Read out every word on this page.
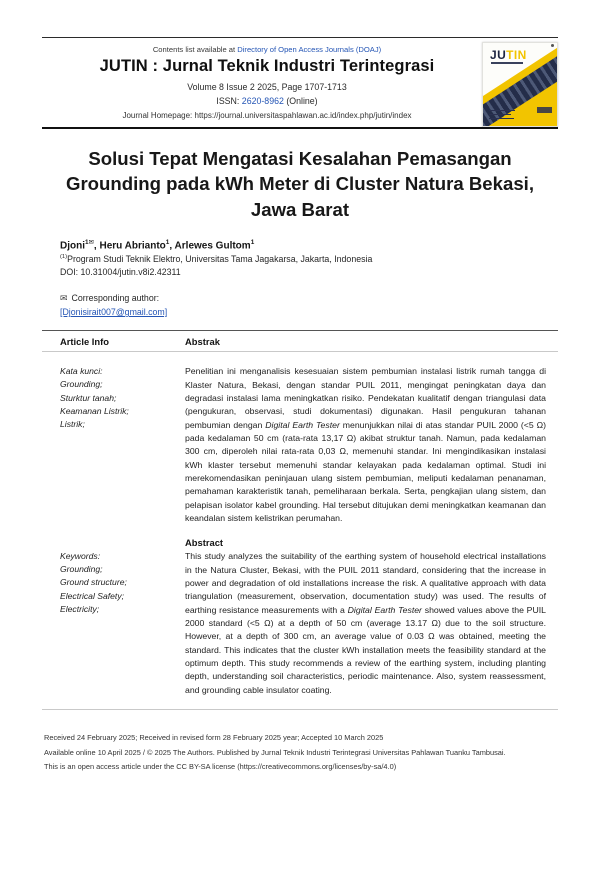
Contents list available at Directory of Open Access Journals (DOAJ)
JUTIN : Jurnal Teknik Industri Terintegrasi
Volume 8 Issue 2 2025, Page 1707-1713
ISSN: 2620-8962 (Online)
Journal Homepage: https://journal.universitaspahlawan.ac.id/index.php/jutin/index
JUTIN
Solusi Tepat Mengatasi Kesalahan Pemasangan Grounding pada kWh Meter di Cluster Natura Bekasi, Jawa Barat
Djoni$^{1✉}$, Heru Abrianto$^1$, Arlewes Gultom$^1$
$^{(1)}$Program Studi Teknik Elektro, Universitas Tama Jagakarsa, Jakarta, Indonesia
DOI: 10.31004/jutin.v8i2.42311
✉ Corresponding author:
[Djonisirait007@gmail.com]
Article Info	Abstrak
Kata kunci:
Grounding;
Sturktur tanah;
Keamanan Listrik;
Listrik;
Keywords:
Grounding;
Ground structure;
Electrical Safety;
Electricity;

Penelitian ini menganalisis kesesuaian sistem pembumian instalasi listrik rumah tangga di Klaster Natura, Bekasi, dengan standar PUIL 2011, mengingat peningkatan daya dan degradasi instalasi lama meningkatkan risiko. Pendekatan kualitatif dengan triangulasi data (pengukuran, observasi, studi dokumentasi) digunakan. Hasil pengukuran tahanan pembumian dengan Digital Earth Tester menunjukkan nilai di atas standar PUIL 2000 (<5 Ω) pada kedalaman 50 cm (rata-rata 13,17 Ω) akibat struktur tanah. Namun, pada kedalaman 300 cm, diperoleh nilai rata-rata 0,03 Ω, memenuhi standar. Ini mengindikasikan instalasi kWh klaster tersebut memenuhi standar kelayakan pada kedalaman optimal. Studi ini merekomendasikan peninjauan ulang sistem pembumian, meliputi kedalaman penanaman, pemahaman karakteristik tanah, pemeliharaan berkala. Serta, pengkajian ulang sistem, dan pelapisan isolator kabel grounding. Hal tersebut ditujukan demi meningkatkan keamanan dan keandalan sistem kelistrikan perumahan.

Abstract

This study analyzes the suitability of the earthing system of household electrical installations in the Natura Cluster, Bekasi, with the PUIL 2011 standard, considering that the increase in power and degradation of old installations increase the risk. A qualitative approach with data triangulation (measurement, observation, documentation study) was used. The results of earthing resistance measurements with a Digital Earth Tester showed values above the PUIL 2000 standard (<5 Ω) at a depth of 50 cm (average 13.17 Ω) due to the soil structure. However, at a depth of 300 cm, an average value of 0.03 Ω was obtained, meeting the standard. This indicates that the cluster kWh installation meets the feasibility standard at the optimum depth. This study recommends a review of the earthing system, including planting depth, understanding soil characteristics, periodic maintenance. Also, system reassessment, and grounding cable insulator coating.

Received 24 February 2025; Received in revised form 28 February 2025 year; Accepted 10 March 2025
Available online 10 April 2025 / © 2025 The Authors. Published by Jurnal Teknik Industri Terintegrasi Universitas Pahlawan Tuanku Tambusai.
This is an open access article under the CC BY-SA license (https://creativecommons.org/licenses/by-sa/4.0)
